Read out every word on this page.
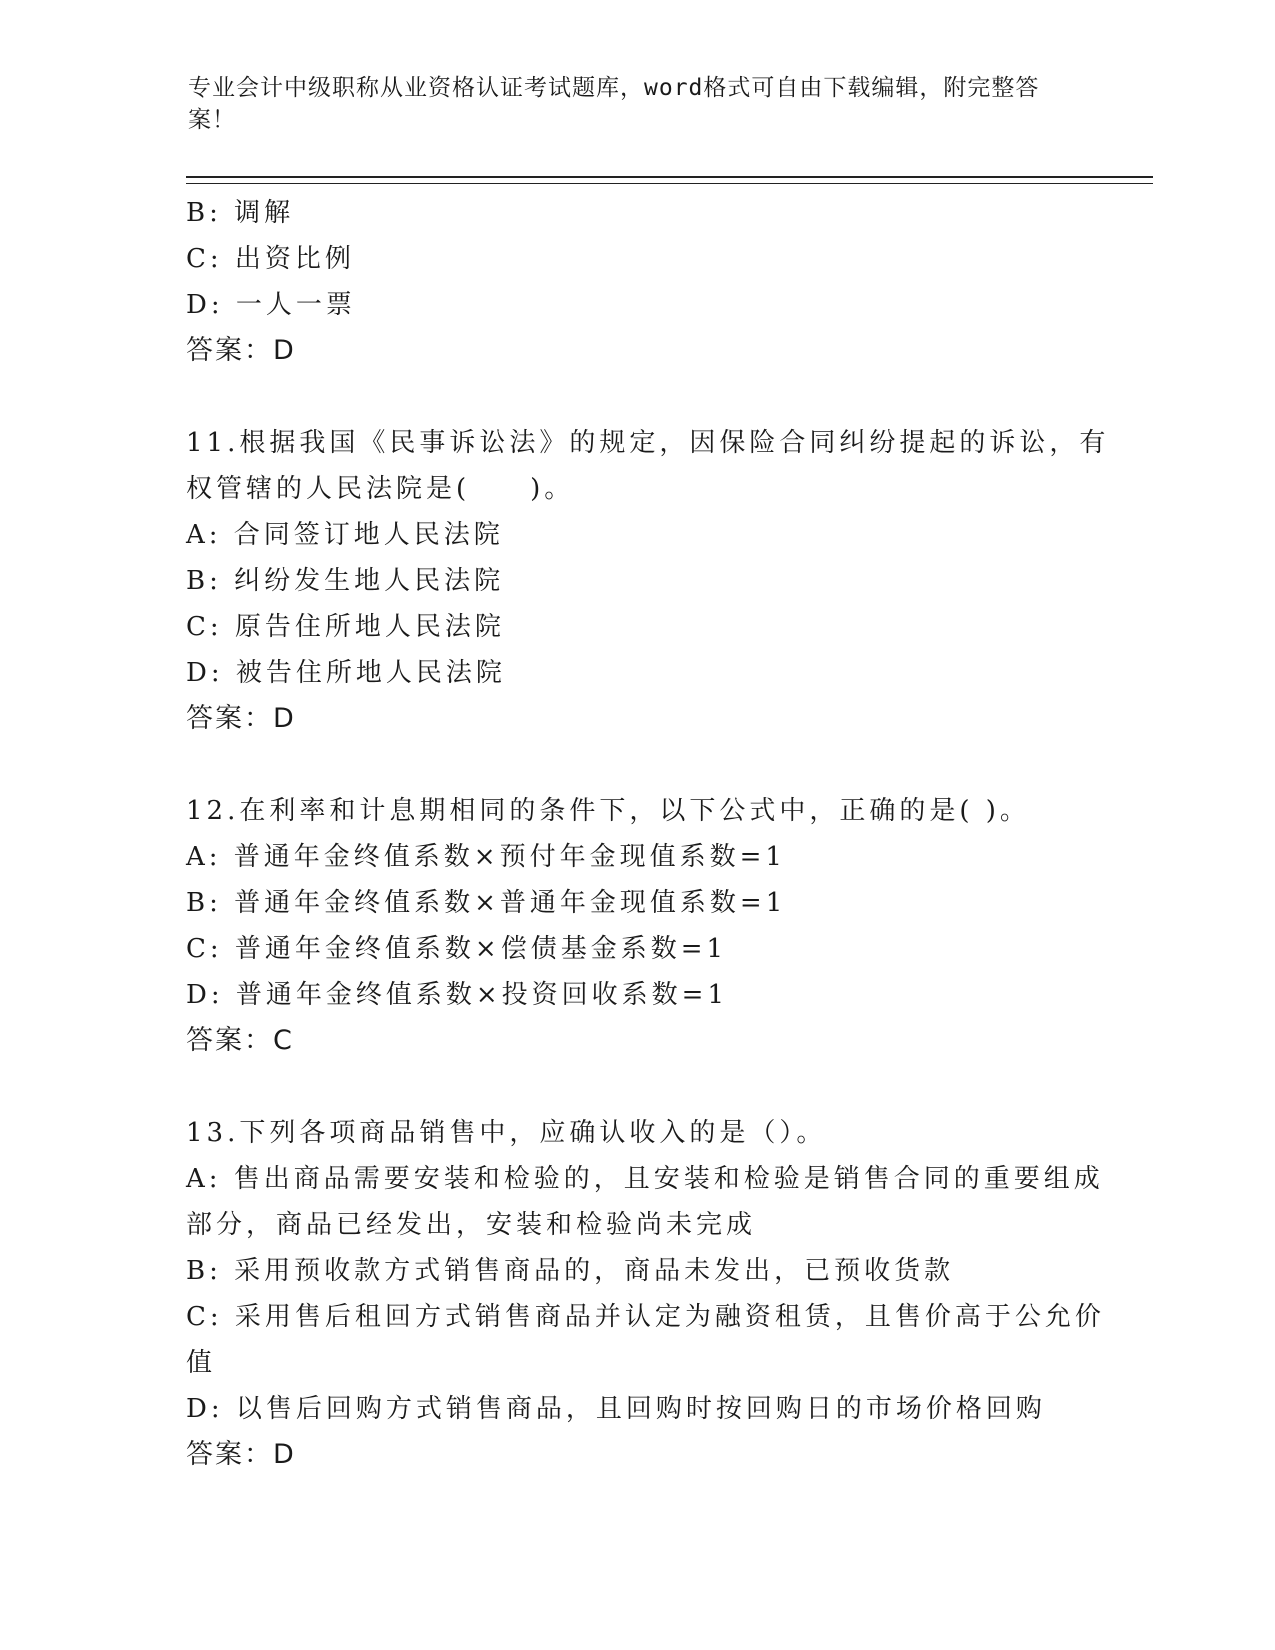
专业会计中级职称从业资格认证考试题库，word格式可自由下载编辑，附完整答案！
B: 调解
C: 出资比例
D: 一人一票
答案：D
11.根据我国《民事诉讼法》的规定，因保险合同纠纷提起的诉讼，有
权管辖的人民法院是(　　)。
A: 合同签订地人民法院
B: 纠纷发生地人民法院
C: 原告住所地人民法院
D: 被告住所地人民法院
答案：D
12.在利率和计息期相同的条件下，以下公式中，正确的是( )。
A: 普通年金终值系数×预付年金现值系数=1
B: 普通年金终值系数×普通年金现值系数=1
C: 普通年金终值系数×偿债基金系数=1
D: 普通年金终值系数×投资回收系数=1
答案：C
13.下列各项商品销售中，应确认收入的是（）。
A: 售出商品需要安装和检验的，且安装和检验是销售合同的重要组成
部分，商品已经发出，安装和检验尚未完成
B: 采用预收款方式销售商品的，商品未发出，已预收货款
C: 采用售后租回方式销售商品并认定为融资租赁，且售价高于公允价
值
D: 以售后回购方式销售商品，且回购时按回购日的市场价格回购
答案：D
